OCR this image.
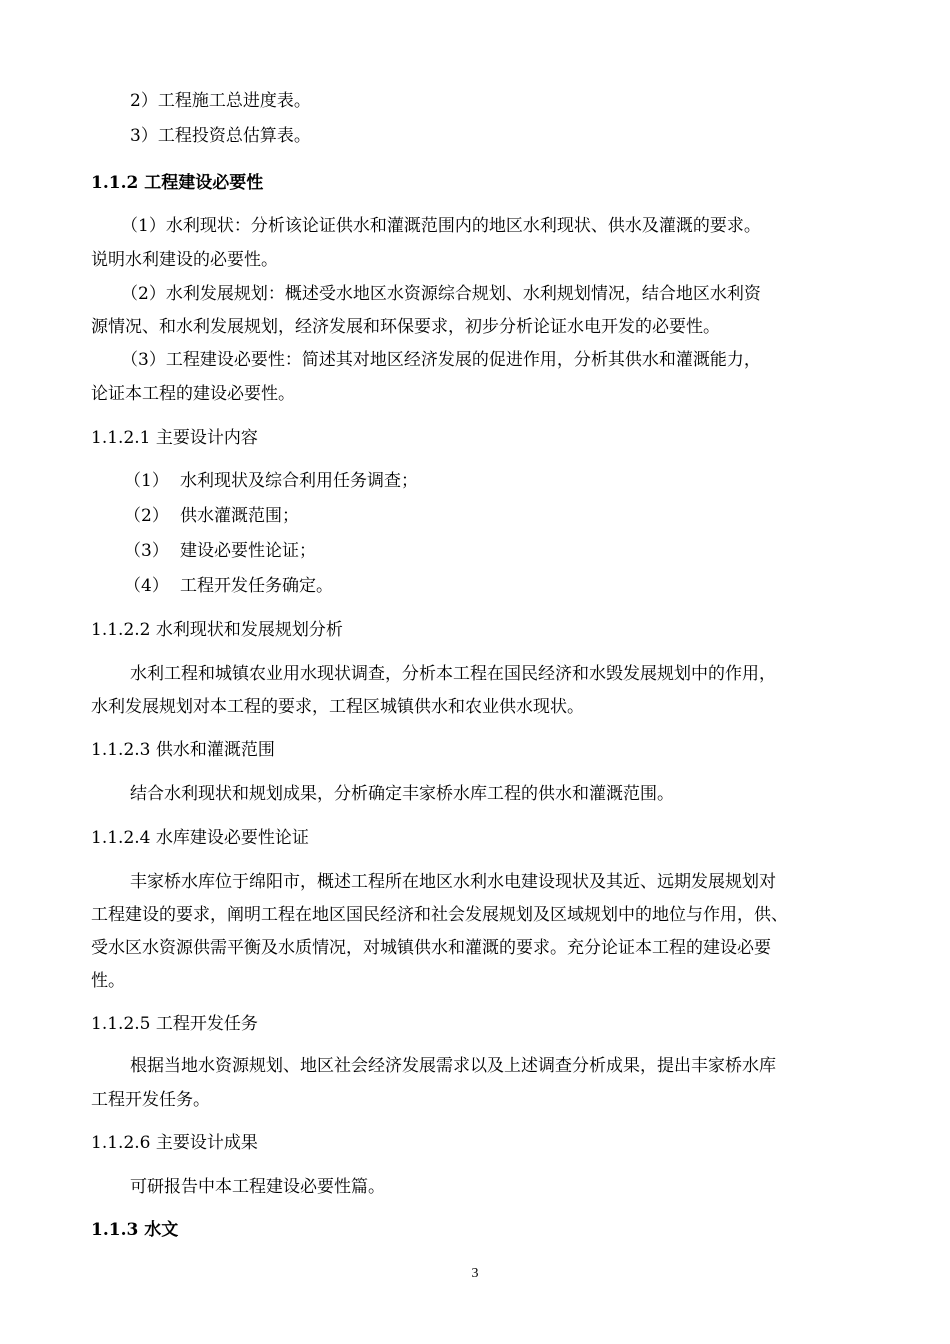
2）工程施工总进度表。
3）工程投资总估算表。
1.1.2 工程建设必要性
（1）水利现状：分析该论证供水和灌溉范围内的地区水利现状、供水及灌溉的要求。
说明水利建设的必要性。
（2）水利发展规划：概述受水地区水资源综合规划、水利规划情况，结合地区水利资
源情况、和水利发展规划，经济发展和环保要求，初步分析论证水电开发的必要性。
（3）工程建设必要性：简述其对地区经济发展的促进作用，分析其供水和灌溉能力，
论证本工程的建设必要性。
1.1.2.1 主要设计内容
（1） 水利现状及综合利用任务调查；
（2） 供水灌溉范围；
（3） 建设必要性论证；
（4） 工程开发任务确定。
1.1.2.2 水利现状和发展规划分析
水利工程和城镇农业用水现状调查，分析本工程在国民经济和水毁发展规划中的作用，
水利发展规划对本工程的要求，工程区城镇供水和农业供水现状。
1.1.2.3 供水和灌溉范围
结合水利现状和规划成果，分析确定丰家桥水库工程的供水和灌溉范围。
1.1.2.4 水库建设必要性论证
丰家桥水库位于绵阳市，概述工程所在地区水利水电建设现状及其近、远期发展规划对
工程建设的要求，阐明工程在地区国民经济和社会发展规划及区域规划中的地位与作用，供、
受水区水资源供需平衡及水质情况，对城镇供水和灌溉的要求。充分论证本工程的建设必要
性。
1.1.2.5 工程开发任务
根据当地水资源规划、地区社会经济发展需求以及上述调查分析成果，提出丰家桥水库
工程开发任务。
1.1.2.6 主要设计成果
可研报告中本工程建设必要性篇。
1.1.3 水文
3
